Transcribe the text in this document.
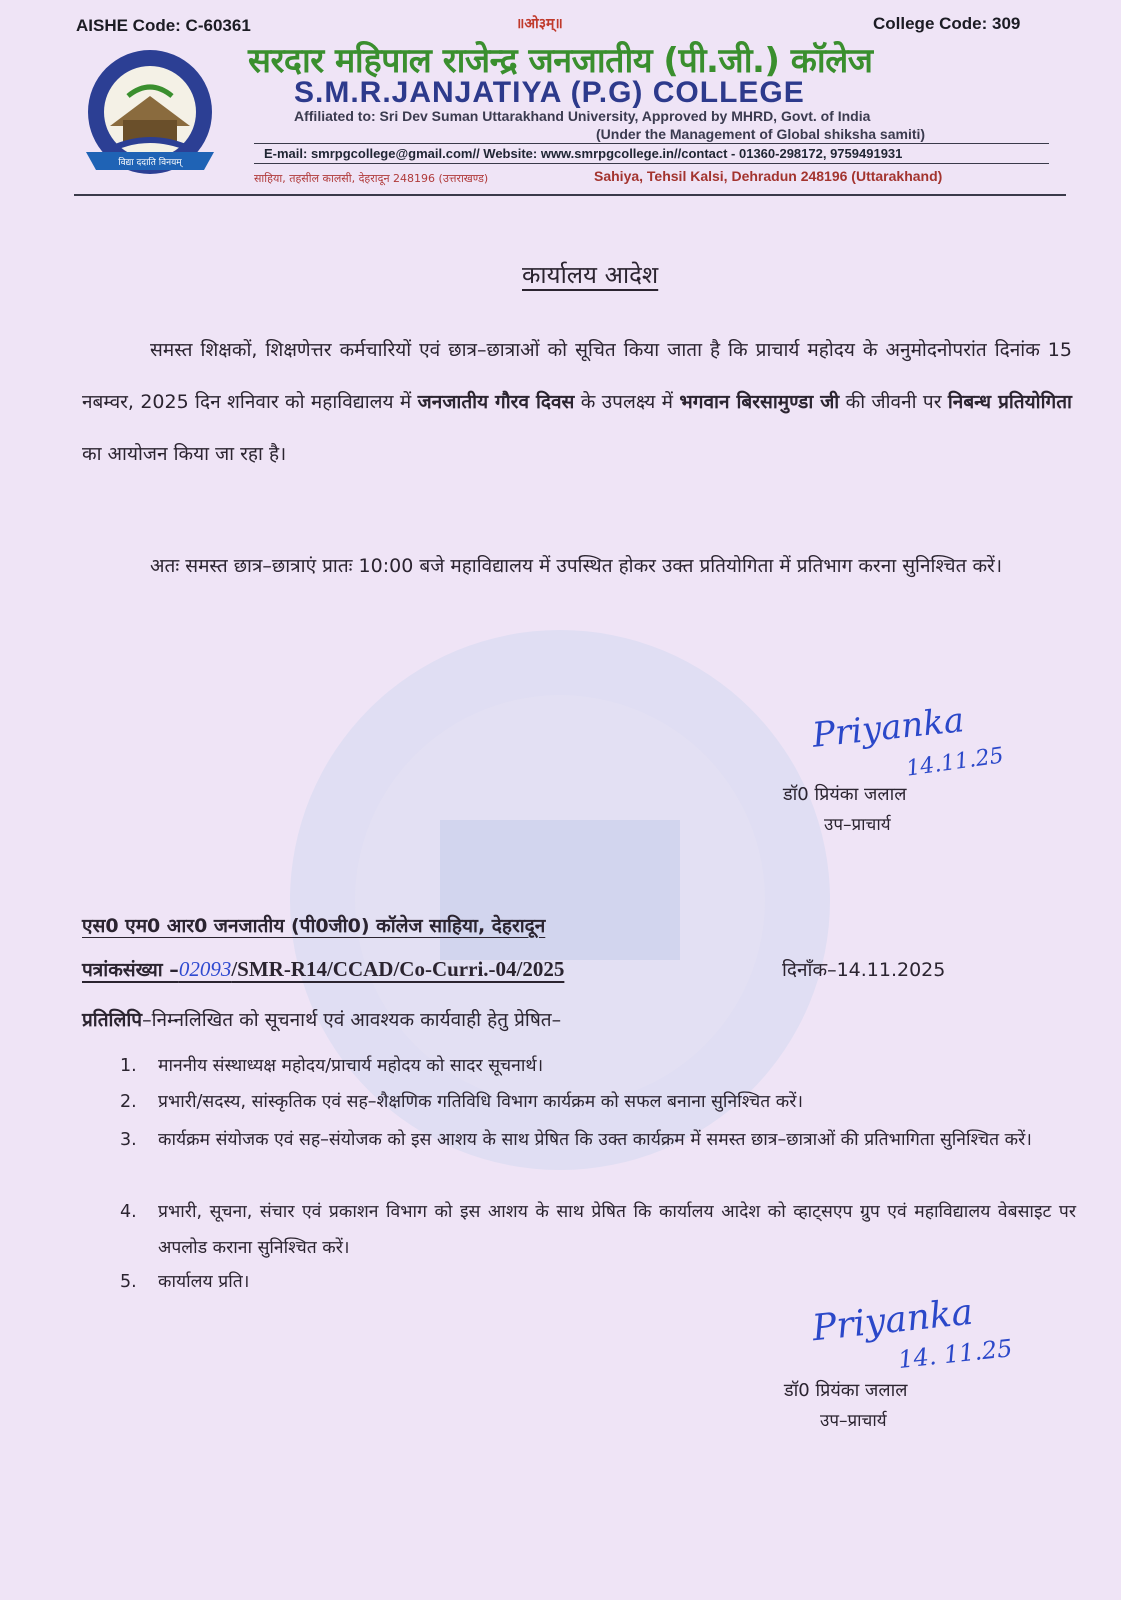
AISHE Code: C-60361	॥ओ३म्॥	College Code: 309
विद्या ददाति विनयम्
सरदार महिपाल राजेन्द्र जनजातीय (पी.जी.) कॉलेज
S.M.R.JANJATIYA (P.G) COLLEGE
Affiliated to: Sri Dev Suman Uttarakhand University, Approved by MHRD, Govt. of India
(Under the Management of Global shiksha samiti)
E-mail: smrpgcollege@gmail.com// Website: www.smrpgcollege.in//contact - 01360-298172, 9759491931
साहिया, तहसील कालसी, देहरादून 248196 (उत्तराखण्ड)	Sahiya, Tehsil Kalsi, Dehradun 248196 (Uttarakhand)
कार्यालय आदेश
समस्त शिक्षकों, शिक्षणेत्तर कर्मचारियों एवं छात्र–छात्राओं को सूचित किया जाता है कि प्राचार्य महोदय के अनुमोदनोपरांत दिनांक 15 नबम्वर, 2025 दिन शनिवार को महाविद्यालय में जनजातीय गौरव दिवस के उपलक्ष्य में भगवान बिरसामुण्डा जी की जीवनी पर निबन्ध प्रतियोगिता का आयोजन किया जा रहा है।
अतः समस्त छात्र–छात्राएं प्रातः 10:00 बजे महाविद्यालय में उपस्थित होकर उक्त प्रतियोगिता में प्रतिभाग करना सुनिश्चित करें।
Priyanka
14.11.25
डॉ0 प्रियंका जलाल
उप–प्राचार्य
एस0 एम0 आर0 जनजातीय (पी0जी0) कॉलेज साहिया, देहरादून
पत्रांकसंख्या –02093/SMR-R14/CCAD/Co-Curri.-04/2025	दिनाँक–14.11.2025
प्रतिलिपि–निम्नलिखित को सूचनार्थ एवं आवश्यक कार्यवाही हेतु प्रेषित–
1.	माननीय संस्थाध्यक्ष महोदय/प्राचार्य महोदय को सादर सूचनार्थ।
2.	प्रभारी/सदस्य, सांस्कृतिक एवं सह–शैक्षणिक गतिविधि विभाग कार्यक्रम को सफल बनाना सुनिश्चित करें।
3.	कार्यक्रम संयोजक एवं सह–संयोजक को इस आशय के साथ प्रेषित कि उक्त कार्यक्रम में समस्त छात्र–छात्राओं की प्रतिभागिता सुनिश्चित करें।
4.	प्रभारी, सूचना, संचार एवं प्रकाशन विभाग को इस आशय के साथ प्रेषित कि कार्यालय आदेश को व्हाट्सएप ग्रुप एवं महाविद्यालय वेबसाइट पर अपलोड कराना सुनिश्चित करें।
5.	कार्यालय प्रति।
Priyanka
14. 11.25
डॉ0 प्रियंका जलाल
उप–प्राचार्य
